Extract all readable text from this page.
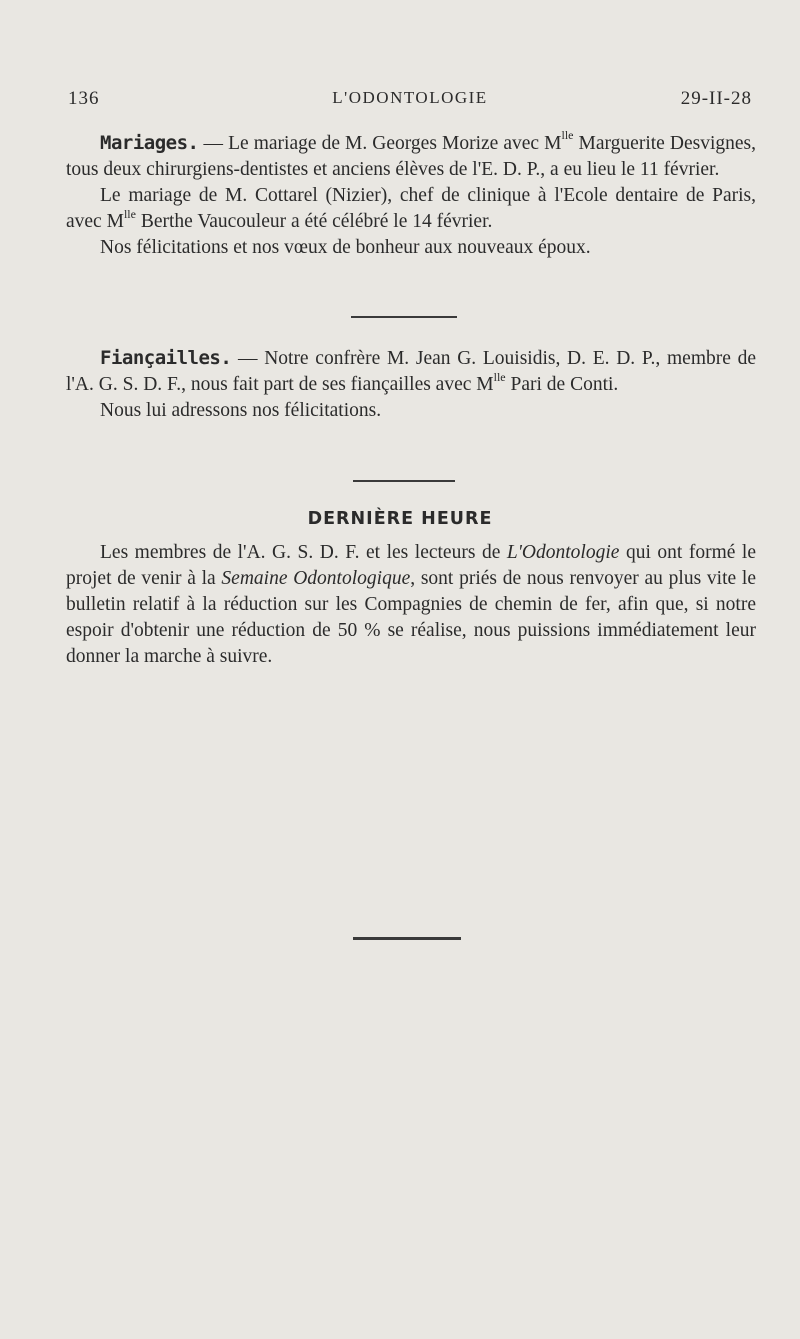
136	L'ODONTOLOGIE	29-II-28

Mariages. — Le mariage de M. Georges Morize avec $M^{lle}$ Marguerite Desvignes, tous deux chirurgiens-dentistes et anciens élèves de l'E. D. P., a eu lieu le 11 février.

Le mariage de M. Cottarel (Nizier), chef de clinique à l'Ecole dentaire de Paris, avec $M^{lle}$ Berthe Vaucouleur a été célébré le 14 février.

Nos félicitations et nos vœux de bonheur aux nouveaux époux.

Fiançailles. — Notre confrère M. Jean G. Louisidis, D. E. D. P., membre de l'A. G. S. D. F., nous fait part de ses fiançailles avec $M^{lle}$ Pari de Conti.

Nous lui adressons nos félicitations.

DERNIÈRE HEURE

Les membres de l'A. G. S. D. F. et les lecteurs de L'Odontologie qui ont formé le projet de venir à la Semaine Odontologique, sont priés de nous renvoyer au plus vite le bulletin relatif à la réduction sur les Compagnies de chemin de fer, afin que, si notre espoir d'obtenir une réduction de 50 % se réalise, nous puissions immédiatement leur donner la marche à suivre.
